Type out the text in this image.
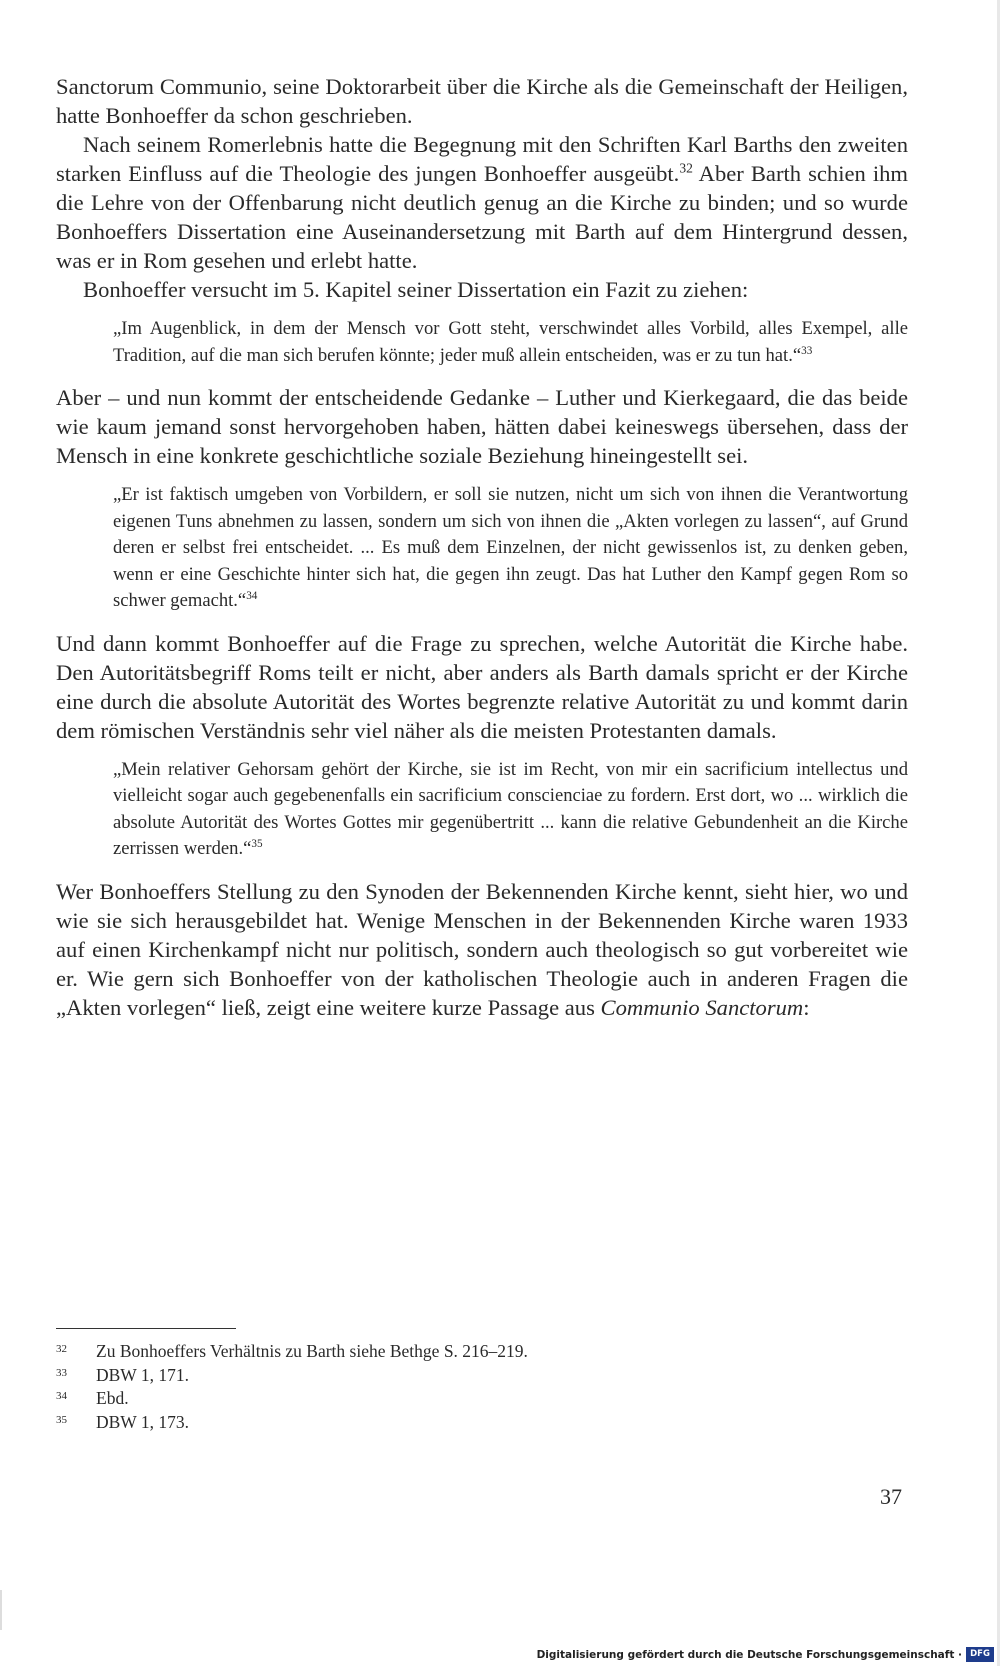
Sanctorum Communio, seine Doktorarbeit über die Kirche als die Gemeinschaft der Heiligen, hatte Bonhoeffer da schon geschrieben.

Nach seinem Romerlebnis hatte die Begegnung mit den Schriften Karl Barths den zweiten starken Einfluss auf die Theologie des jungen Bonhoeffer ausgeübt.$^{32}$ Aber Barth schien ihm die Lehre von der Offenbarung nicht deutlich genug an die Kirche zu binden; und so wurde Bonhoeffers Dissertation eine Auseinandersetzung mit Barth auf dem Hintergrund dessen, was er in Rom gesehen und erlebt hatte.

Bonhoeffer versucht im 5. Kapitel seiner Dissertation ein Fazit zu ziehen:

„Im Augenblick, in dem der Mensch vor Gott steht, verschwindet alles Vorbild, alles Exempel, alle Tradition, auf die man sich berufen könnte; jeder muß allein entscheiden, was er zu tun hat.“$^{33}$

Aber – und nun kommt der entscheidende Gedanke – Luther und Kierkegaard, die das beide wie kaum jemand sonst hervorgehoben haben, hätten dabei keineswegs übersehen, dass der Mensch in eine konkrete geschichtliche soziale Beziehung hineingestellt sei.

„Er ist faktisch umgeben von Vorbildern, er soll sie nutzen, nicht um sich von ihnen die Verantwortung eigenen Tuns abnehmen zu lassen, sondern um sich von ihnen die „Akten vorlegen zu lassen“, auf Grund deren er selbst frei entscheidet. ... Es muß dem Einzelnen, der nicht gewissenlos ist, zu denken geben, wenn er eine Geschichte hinter sich hat, die gegen ihn zeugt. Das hat Luther den Kampf gegen Rom so schwer gemacht.“$^{34}$

Und dann kommt Bonhoeffer auf die Frage zu sprechen, welche Autorität die Kirche habe. Den Autoritätsbegriff Roms teilt er nicht, aber anders als Barth damals spricht er der Kirche eine durch die absolute Autorität des Wortes begrenzte relative Autorität zu und kommt darin dem römischen Verständnis sehr viel näher als die meisten Protestanten damals.

„Mein relativer Gehorsam gehört der Kirche, sie ist im Recht, von mir ein sacrificium intellectus und vielleicht sogar auch gegebenenfalls ein sacrificium conscienciae zu fordern. Erst dort, wo ... wirklich die absolute Autorität des Wortes Gottes mir gegenübertritt ... kann die relative Gebundenheit an die Kirche zerrissen werden.“$^{35}$

Wer Bonhoeffers Stellung zu den Synoden der Bekennenden Kirche kennt, sieht hier, wo und wie sie sich herausgebildet hat. Wenige Menschen in der Bekennenden Kirche waren 1933 auf einen Kirchenkampf nicht nur politisch, sondern auch theologisch so gut vorbereitet wie er. Wie gern sich Bonhoeffer von der katholischen Theologie auch in anderen Fragen die „Akten vorlegen“ ließ, zeigt eine weitere kurze Passage aus Communio Sanctorum:

32	Zu Bonhoeffers Verhältnis zu Barth siehe Bethge S. 216–219.
33	DBW 1, 171.
34	Ebd.
35	DBW 1, 173.
37
Digitalisierung gefördert durch die Deutsche Forschungsgemeinschaft ·
DFG
